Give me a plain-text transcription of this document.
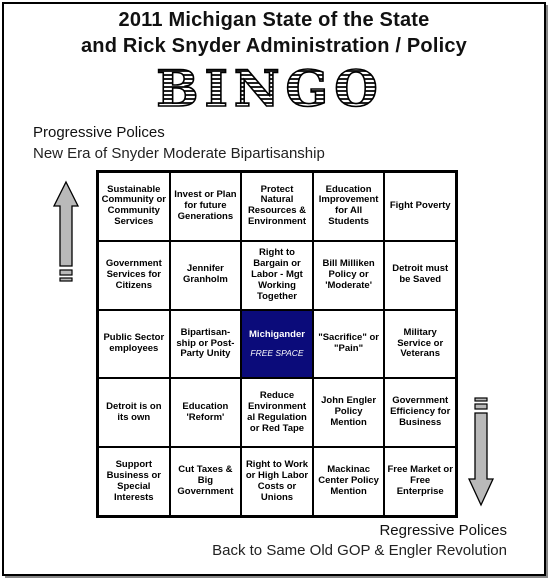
2011 Michigan State of the State
and Rick Snyder Administration / Policy
BINGO
Progressive Polices
New Era of Snyder Moderate Bipartisanship
Sustainable Community or Community Services
Invest or Plan for future Generations
Protect Natural Resources & Environment
Education Improvement for All Students
Fight Poverty
Government Services for Citizens
Jennifer Granholm
Right to Bargain or Labor - Mgt Working Together
Bill Milliken Policy or 'Moderate'
Detroit must be Saved
Public Sector employees
Bipartisan-ship or Post-Party Unity
Michigander
FREE SPACE
"Sacrifice" or "Pain"
Military Service or Veterans
Detroit is on its own
Education 'Reform'
Reduce Environment al Regulation or Red Tape
John Engler Policy Mention
Government Efficiency for Business
Support Business or Special Interests
Cut Taxes & Big Government
Right to Work or High Labor Costs or Unions
Mackinac Center Policy Mention
Free Market or Free Enterprise
Regressive Polices
Back to Same Old GOP & Engler Revolution
